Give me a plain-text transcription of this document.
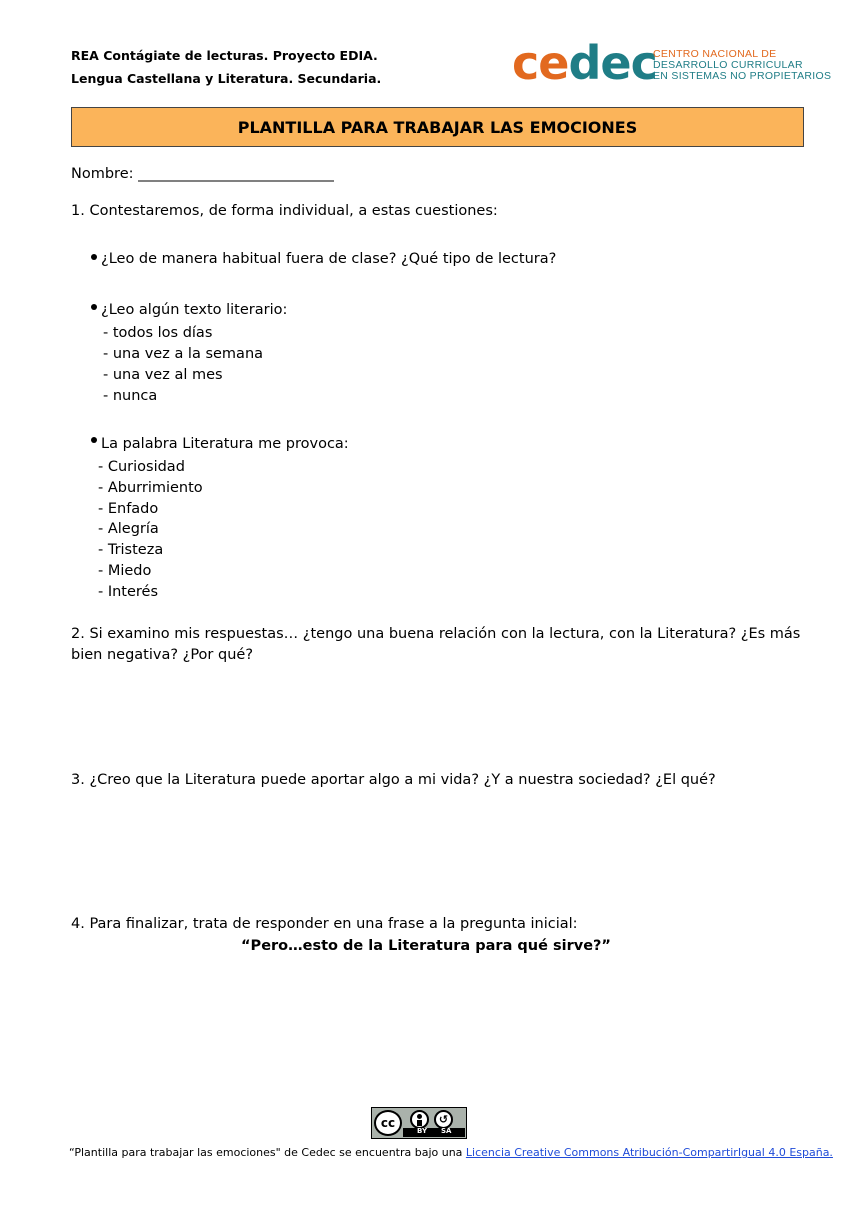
REA Contágiate de lecturas. Proyecto EDIA.
Lengua Castellana y Literatura. Secundaria.	cedec
CENTRO NACIONAL DE
DESARROLLO CURRICULAR
EN SISTEMAS NO PROPIETARIOS
PLANTILLA PARA TRABAJAR LAS EMOCIONES
Nombre: ___________________________
1. Contestaremos, de forma individual, a estas cuestiones:
¿Leo de manera habitual fuera de clase? ¿Qué tipo de lectura?
¿Leo algún texto literario:
- todos los días
- una vez a la semana
- una vez al mes
- nunca
La palabra Literatura me provoca:
- Curiosidad
- Aburrimiento
- Enfado
- Alegría
- Tristeza
- Miedo
- Interés
2. Si examino mis respuestas… ¿tengo una buena relación con la lectura, con la Literatura? ¿Es más
bien negativa? ¿Por qué?
3. ¿Creo que la Literatura puede aportar algo a mi vida? ¿Y a nuestra sociedad? ¿El qué?
4. Para finalizar, trata de responder en una frase a la pregunta inicial:
“Pero…esto de la Literatura para qué sirve?”
cc	↺
BY SA
“Plantilla para trabajar las emociones" de Cedec se encuentra bajo una Licencia Creative Commons Atribución-CompartirIgual 4.0 España.
